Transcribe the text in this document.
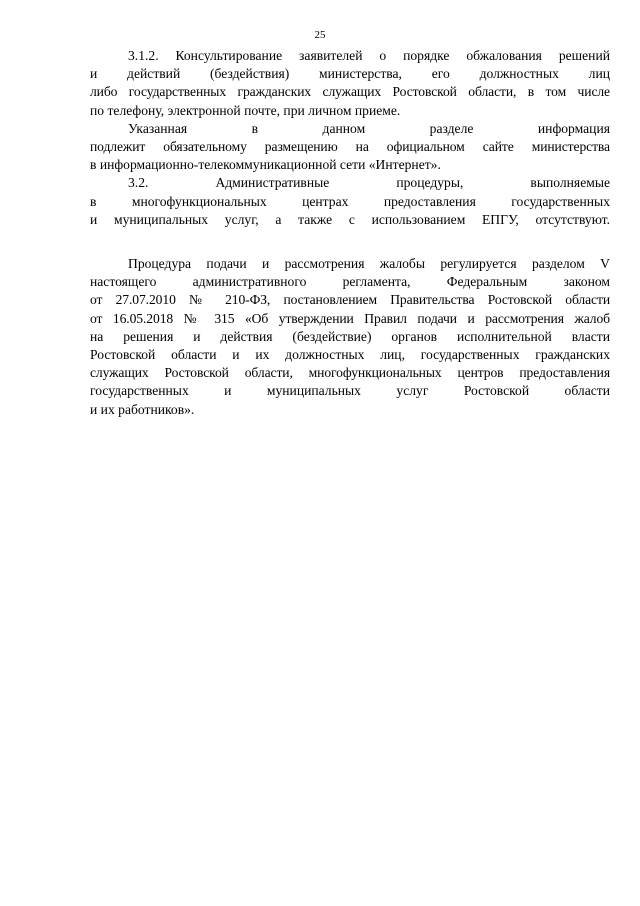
25
3.1.2. Консультирование заявителей о порядке обжалования решений
и действий (бездействия) министерства, его должностных лиц
либо государственных гражданских служащих Ростовской области, в том числе
по телефону, электронной почте, при личном приеме.
Указанная в данном разделе информация
подлежит обязательному размещению на официальном сайте министерства
в информационно-телекоммуникационной сети «Интернет».
3.2. Административные процедуры, выполняемые
в многофункциональных центрах предоставления государственных
и муниципальных услуг, а также с использованием ЕПГУ, отсутствуют.
Процедура подачи и рассмотрения жалобы регулируется разделом V
настоящего административного регламента, Федеральным законом
от 27.07.2010 № 210-ФЗ, постановлением Правительства Ростовской области
от 16.05.2018 № 315 «Об утверждении Правил подачи и рассмотрения жалоб
на решения и действия (бездействие) органов исполнительной власти
Ростовской области и их должностных лиц, государственных гражданских
служащих Ростовской области, многофункциональных центров предоставления
государственных и муниципальных услуг Ростовской области
и их работников».
